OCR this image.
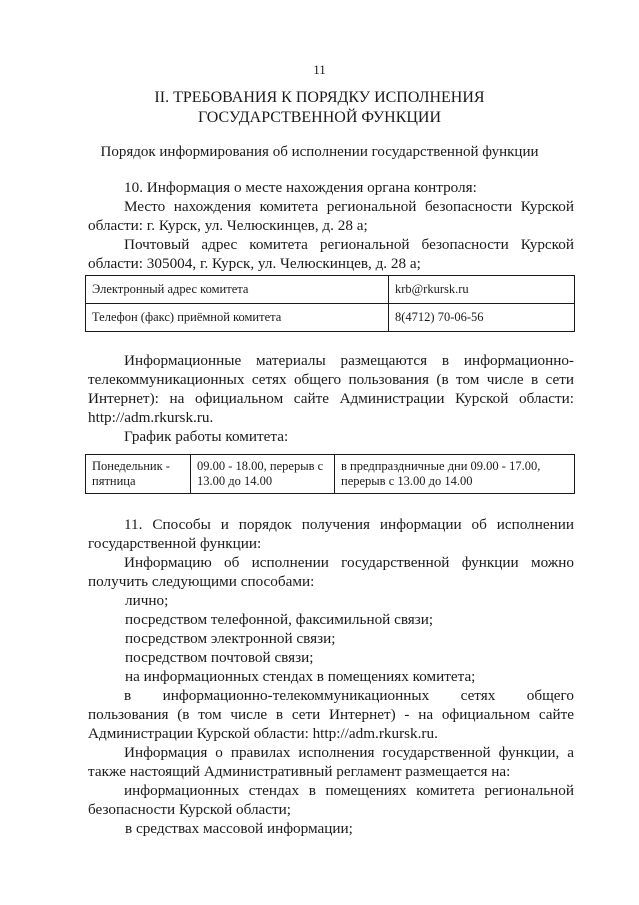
11
II. ТРЕБОВАНИЯ К ПОРЯДКУ ИСПОЛНЕНИЯ
ГОСУДАРСТВЕННОЙ ФУНКЦИИ
Порядок информирования об исполнении государственной функции

10. Информация о месте нахождения органа контроля:

Место нахождения комитета региональной безопасности Курской области: г. Курск, ул. Челюскинцев, д. 28 а;

Почтовый адрес комитета региональной безопасности Курской области: 305004, г. Курск, ул. Челюскинцев, д. 28 а;

Электронный адрес комитета	krb@rkursk.ru
Телефон (факс) приёмной комитета	8(4712) 70-06-56

Информационные материалы размещаются в информационно-телекоммуникационных сетях общего пользования (в том числе в сети Интернет): на официальном сайте Администрации Курской области: http://adm.rkursk.ru.

График работы комитета:

Понедельник - пятница	09.00 - 18.00, перерыв с 13.00 до 14.00	в предпраздничные дни 09.00 - 17.00, перерыв с 13.00 до 14.00

11. Способы и порядок получения информации об исполнении государственной функции:

Информацию об исполнении государственной функции можно получить следующими способами:

лично;

посредством телефонной, факсимильной связи;

посредством электронной связи;

посредством почтовой связи;

на информационных стендах в помещениях комитета;

в информационно-телекоммуникационных сетях общего пользования (в том числе в сети Интернет) - на официальном сайте Администрации Курской области: http://adm.rkursk.ru.

Информация о правилах исполнения государственной функции, а также настоящий Административный регламент размещается на:

информационных стендах в помещениях комитета региональной безопасности Курской области;

в средствах массовой информации;
